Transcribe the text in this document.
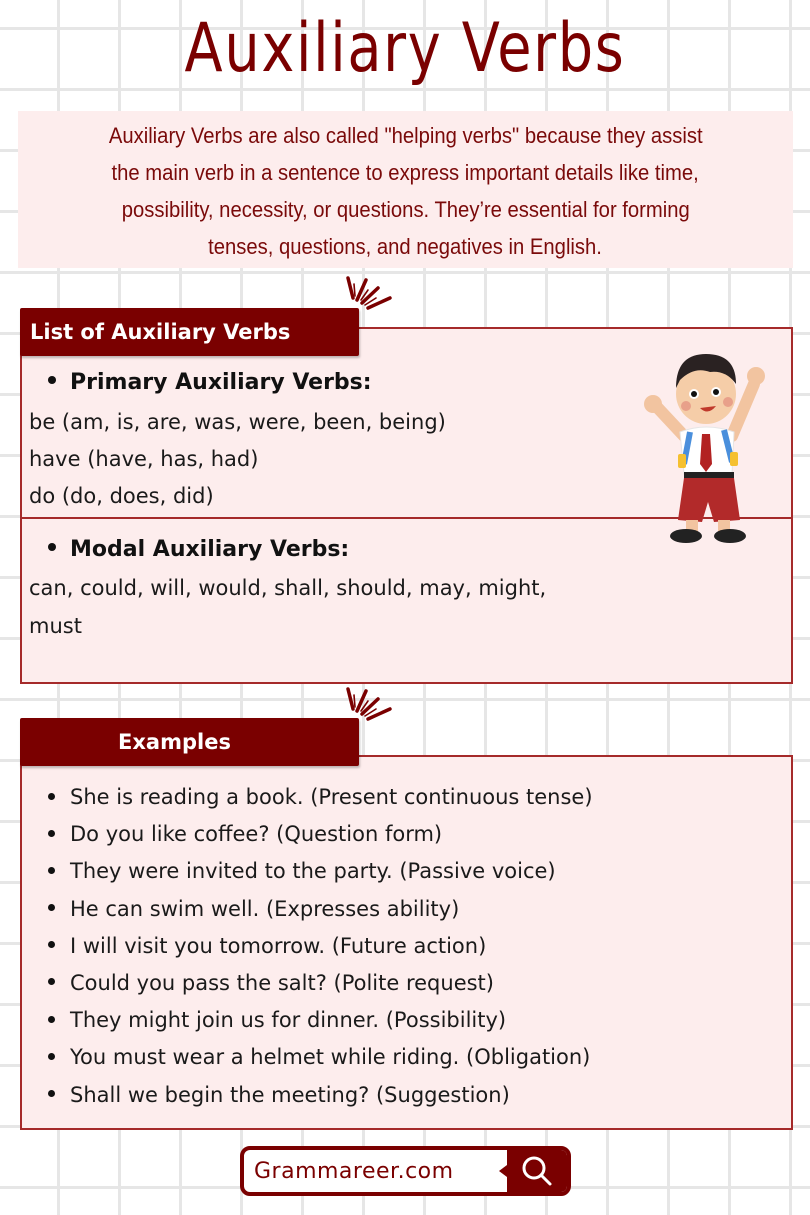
Auxiliary Verbs
Auxiliary Verbs are also called "helping verbs" because they assist
the main verb in a sentence to express important details like time,
possibility, necessity, or questions. They’re essential for forming
tenses, questions, and negatives in English.
List of Auxiliary Verbs
Primary Auxiliary Verbs:
be (am, is, are, was, were, been, being)
have (have, has, had)
do (do, does, did)
Modal Auxiliary Verbs:
can, could, will, would, shall, should, may, might,
must
Examples
She is reading a book. (Present continuous tense)
Do you like coffee? (Question form)
They were invited to the party. (Passive voice)
He can swim well. (Expresses ability)
I will visit you tomorrow. (Future action)
Could you pass the salt? (Polite request)
They might join us for dinner. (Possibility)
You must wear a helmet while riding. (Obligation)
Shall we begin the meeting? (Suggestion)
Grammareer.com
